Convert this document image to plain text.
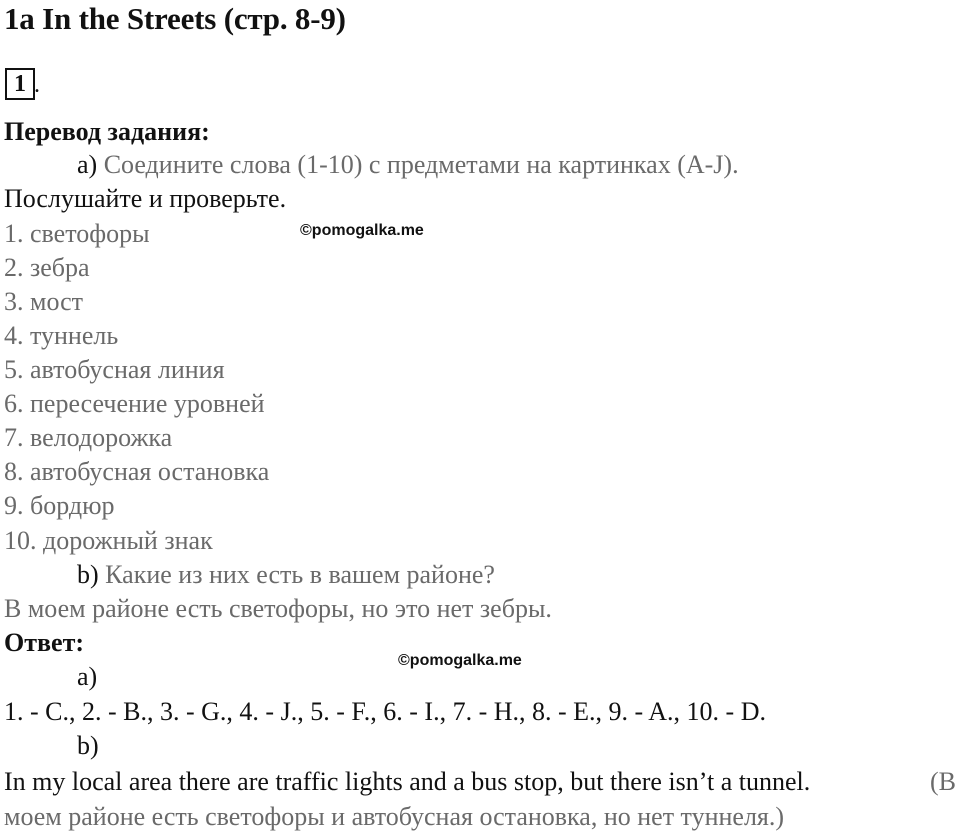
1a In the Streets (стр. 8-9)
1 .
Перевод задания:
a) Соедините слова (1-10) с предметами на картинках (A-J).
Послушайте и проверьте.
©pomogalka.me
1. светофоры
2. зебра
3. мост
4. туннель
5. автобусная линия
6. пересечение уровней
7. велодорожка
8. автобусная остановка
9. бордюр
10. дорожный знак
b) Какие из них есть в вашем районе?
В моем районе есть светофоры, но это нет зебры.
Ответ:
©pomogalka.me
a)
1. - C., 2. - B., 3. - G., 4. - J., 5. - F., 6. - I., 7. - H., 8. - E., 9. - A., 10. - D.
b)
In my local area there are traffic lights and a bus stop, but there isn’t a tunnel.	(В
моем районе есть светофоры и автобусная остановка, но нет туннеля.)
